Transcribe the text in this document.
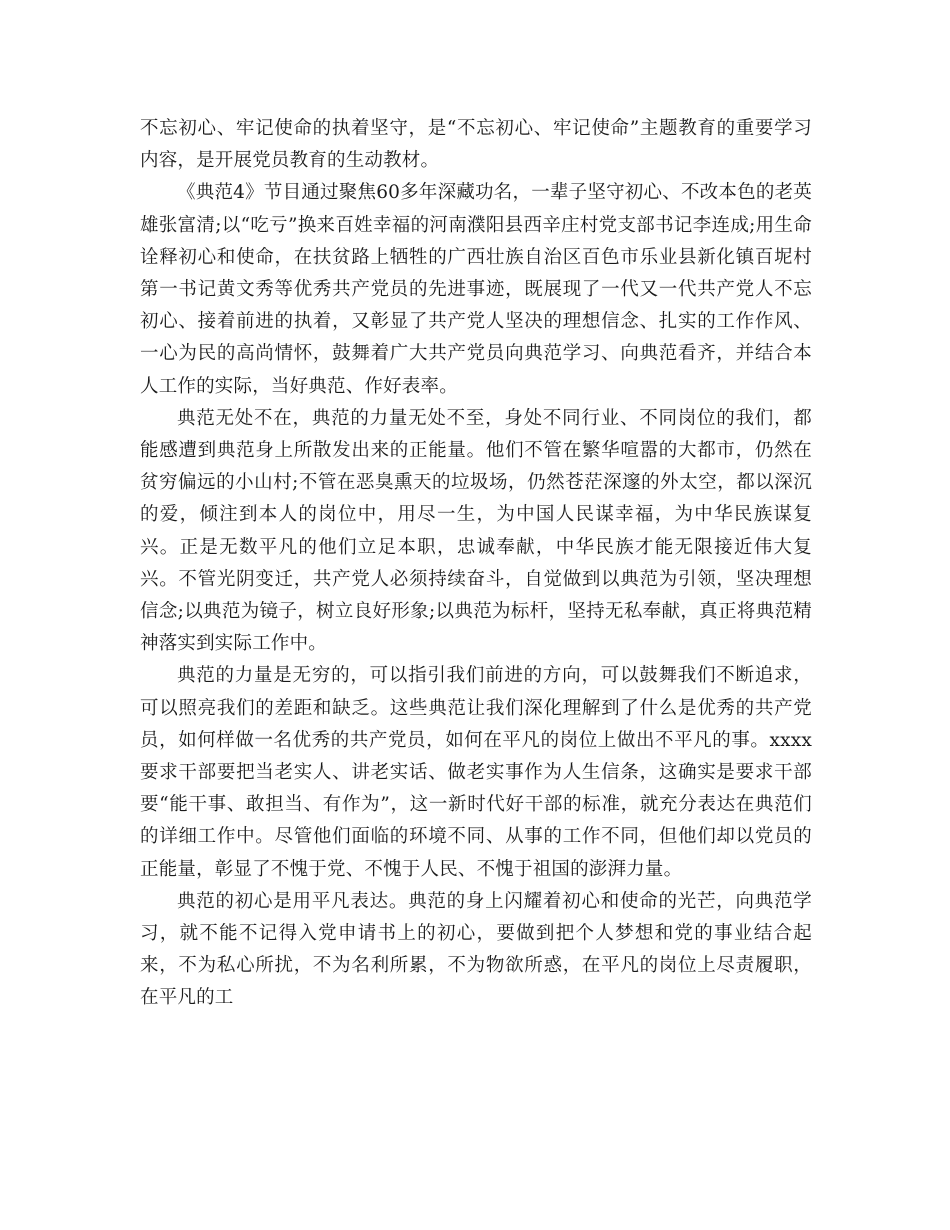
不忘初心、牢记使命的执着坚守，是“不忘初心、牢记使命”主题教育的重要学习内容，是开展党员教育的生动教材。

《典范4》节目通过聚焦60多年深藏功名，一辈子坚守初心、不改本色的老英雄张富清;以“吃亏”换来百姓幸福的河南濮阳县西辛庄村党支部书记李连成;用生命诠释初心和使命，在扶贫路上牺牲的广西壮族自治区百色市乐业县新化镇百坭村第一书记黄文秀等优秀共产党员的先进事迹，既展现了一代又一代共产党人不忘初心、接着前进的执着，又彰显了共产党人坚决的理想信念、扎实的工作作风、一心为民的高尚情怀，鼓舞着广大共产党员向典范学习、向典范看齐，并结合本人工作的实际，当好典范、作好表率。

典范无处不在，典范的力量无处不至，身处不同行业、不同岗位的我们，都能感遭到典范身上所散发出来的正能量。他们不管在繁华喧嚣的大都市，仍然在贫穷偏远的小山村;不管在恶臭熏天的垃圾场，仍然苍茫深邃的外太空，都以深沉的爱，倾注到本人的岗位中，用尽一生，为中国人民谋幸福，为中华民族谋复兴。正是无数平凡的他们立足本职，忠诚奉献，中华民族才能无限接近伟大复兴。不管光阴变迁，共产党人必须持续奋斗，自觉做到以典范为引领，坚决理想信念;以典范为镜子，树立良好形象;以典范为标杆，坚持无私奉献，真正将典范精神落实到实际工作中。

典范的力量是无穷的，可以指引我们前进的方向，可以鼓舞我们不断追求，可以照亮我们的差距和缺乏。这些典范让我们深化理解到了什么是优秀的共产党员，如何样做一名优秀的共产党员，如何在平凡的岗位上做出不平凡的事。xxxx要求干部要把当老实人、讲老实话、做老实事作为人生信条，这确实是要求干部要“能干事、敢担当、有作为”，这一新时代好干部的标准，就充分表达在典范们的详细工作中。尽管他们面临的环境不同、从事的工作不同，但他们却以党员的正能量，彰显了不愧于党、不愧于人民、不愧于祖国的澎湃力量。

典范的初心是用平凡表达。典范的身上闪耀着初心和使命的光芒，向典范学习，就不能不记得入党申请书上的初心，要做到把个人梦想和党的事业结合起来，不为私心所扰，不为名利所累，不为物欲所惑，在平凡的岗位上尽责履职，在平凡的工
